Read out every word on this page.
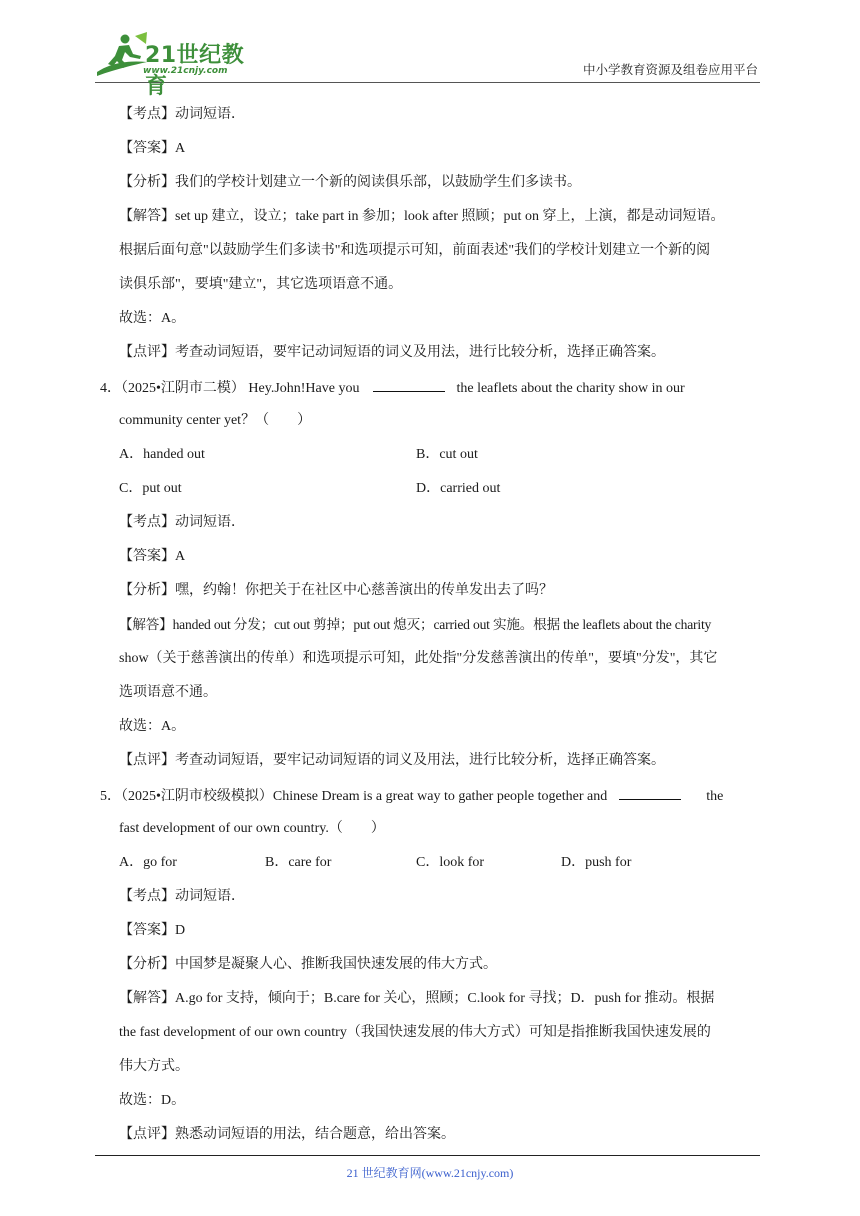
21世纪教育
www.21cnjy.com	中小学教育资源及组卷应用平台
【考点】动词短语．
【答案】A
【分析】我们的学校计划建立一个新的阅读俱乐部，以鼓励学生们多读书。
【解答】set up 建立，设立；take part in 参加；look after 照顾；put on 穿上，上演，都是动词短语。
根据后面句意"以鼓励学生们多读书"和选项提示可知，前面表述"我们的学校计划建立一个新的阅
读俱乐部"，要填"建立"，其它选项语意不通。
故选：A。
【点评】考查动词短语，要牢记动词短语的词义及用法，进行比较分析，选择正确答案。
4．（2025•江阴市二模） Hey.John!Have you	the leaflets about the charity show in our
community center yet？（　　）
A．handed out	B．cut out
C．put out	D．carried out
【考点】动词短语．
【答案】A
【分析】嘿，约翰！你把关于在社区中心慈善演出的传单发出去了吗？
【解答】handed out 分发；cut out 剪掉；put out 熄灭；carried out 实施。根据 the leaflets about the charity
show（关于慈善演出的传单）和选项提示可知，此处指"分发慈善演出的传单"，要填"分发"，其它
选项语意不通。
故选：A。
【点评】考查动词短语，要牢记动词短语的词义及用法，进行比较分析，选择正确答案。
5．（2025•江阴市校级模拟）Chinese Dream is a great way to gather people together and	the
fast development of our own country.（　　）
A．go for	B．care for	C．look for	D．push for
【考点】动词短语．
【答案】D
【分析】中国梦是凝聚人心、推断我国快速发展的伟大方式。
【解答】A.go for 支持，倾向于；B.care for 关心，照顾；C.look for 寻找；D．push for 推动。根据
the fast development of our own country（我国快速发展的伟大方式）可知是指推断我国快速发展的
伟大方式。
故选：D。
【点评】熟悉动词短语的用法，结合题意，给出答案。
21 世纪教育网(www.21cnjy.com)
